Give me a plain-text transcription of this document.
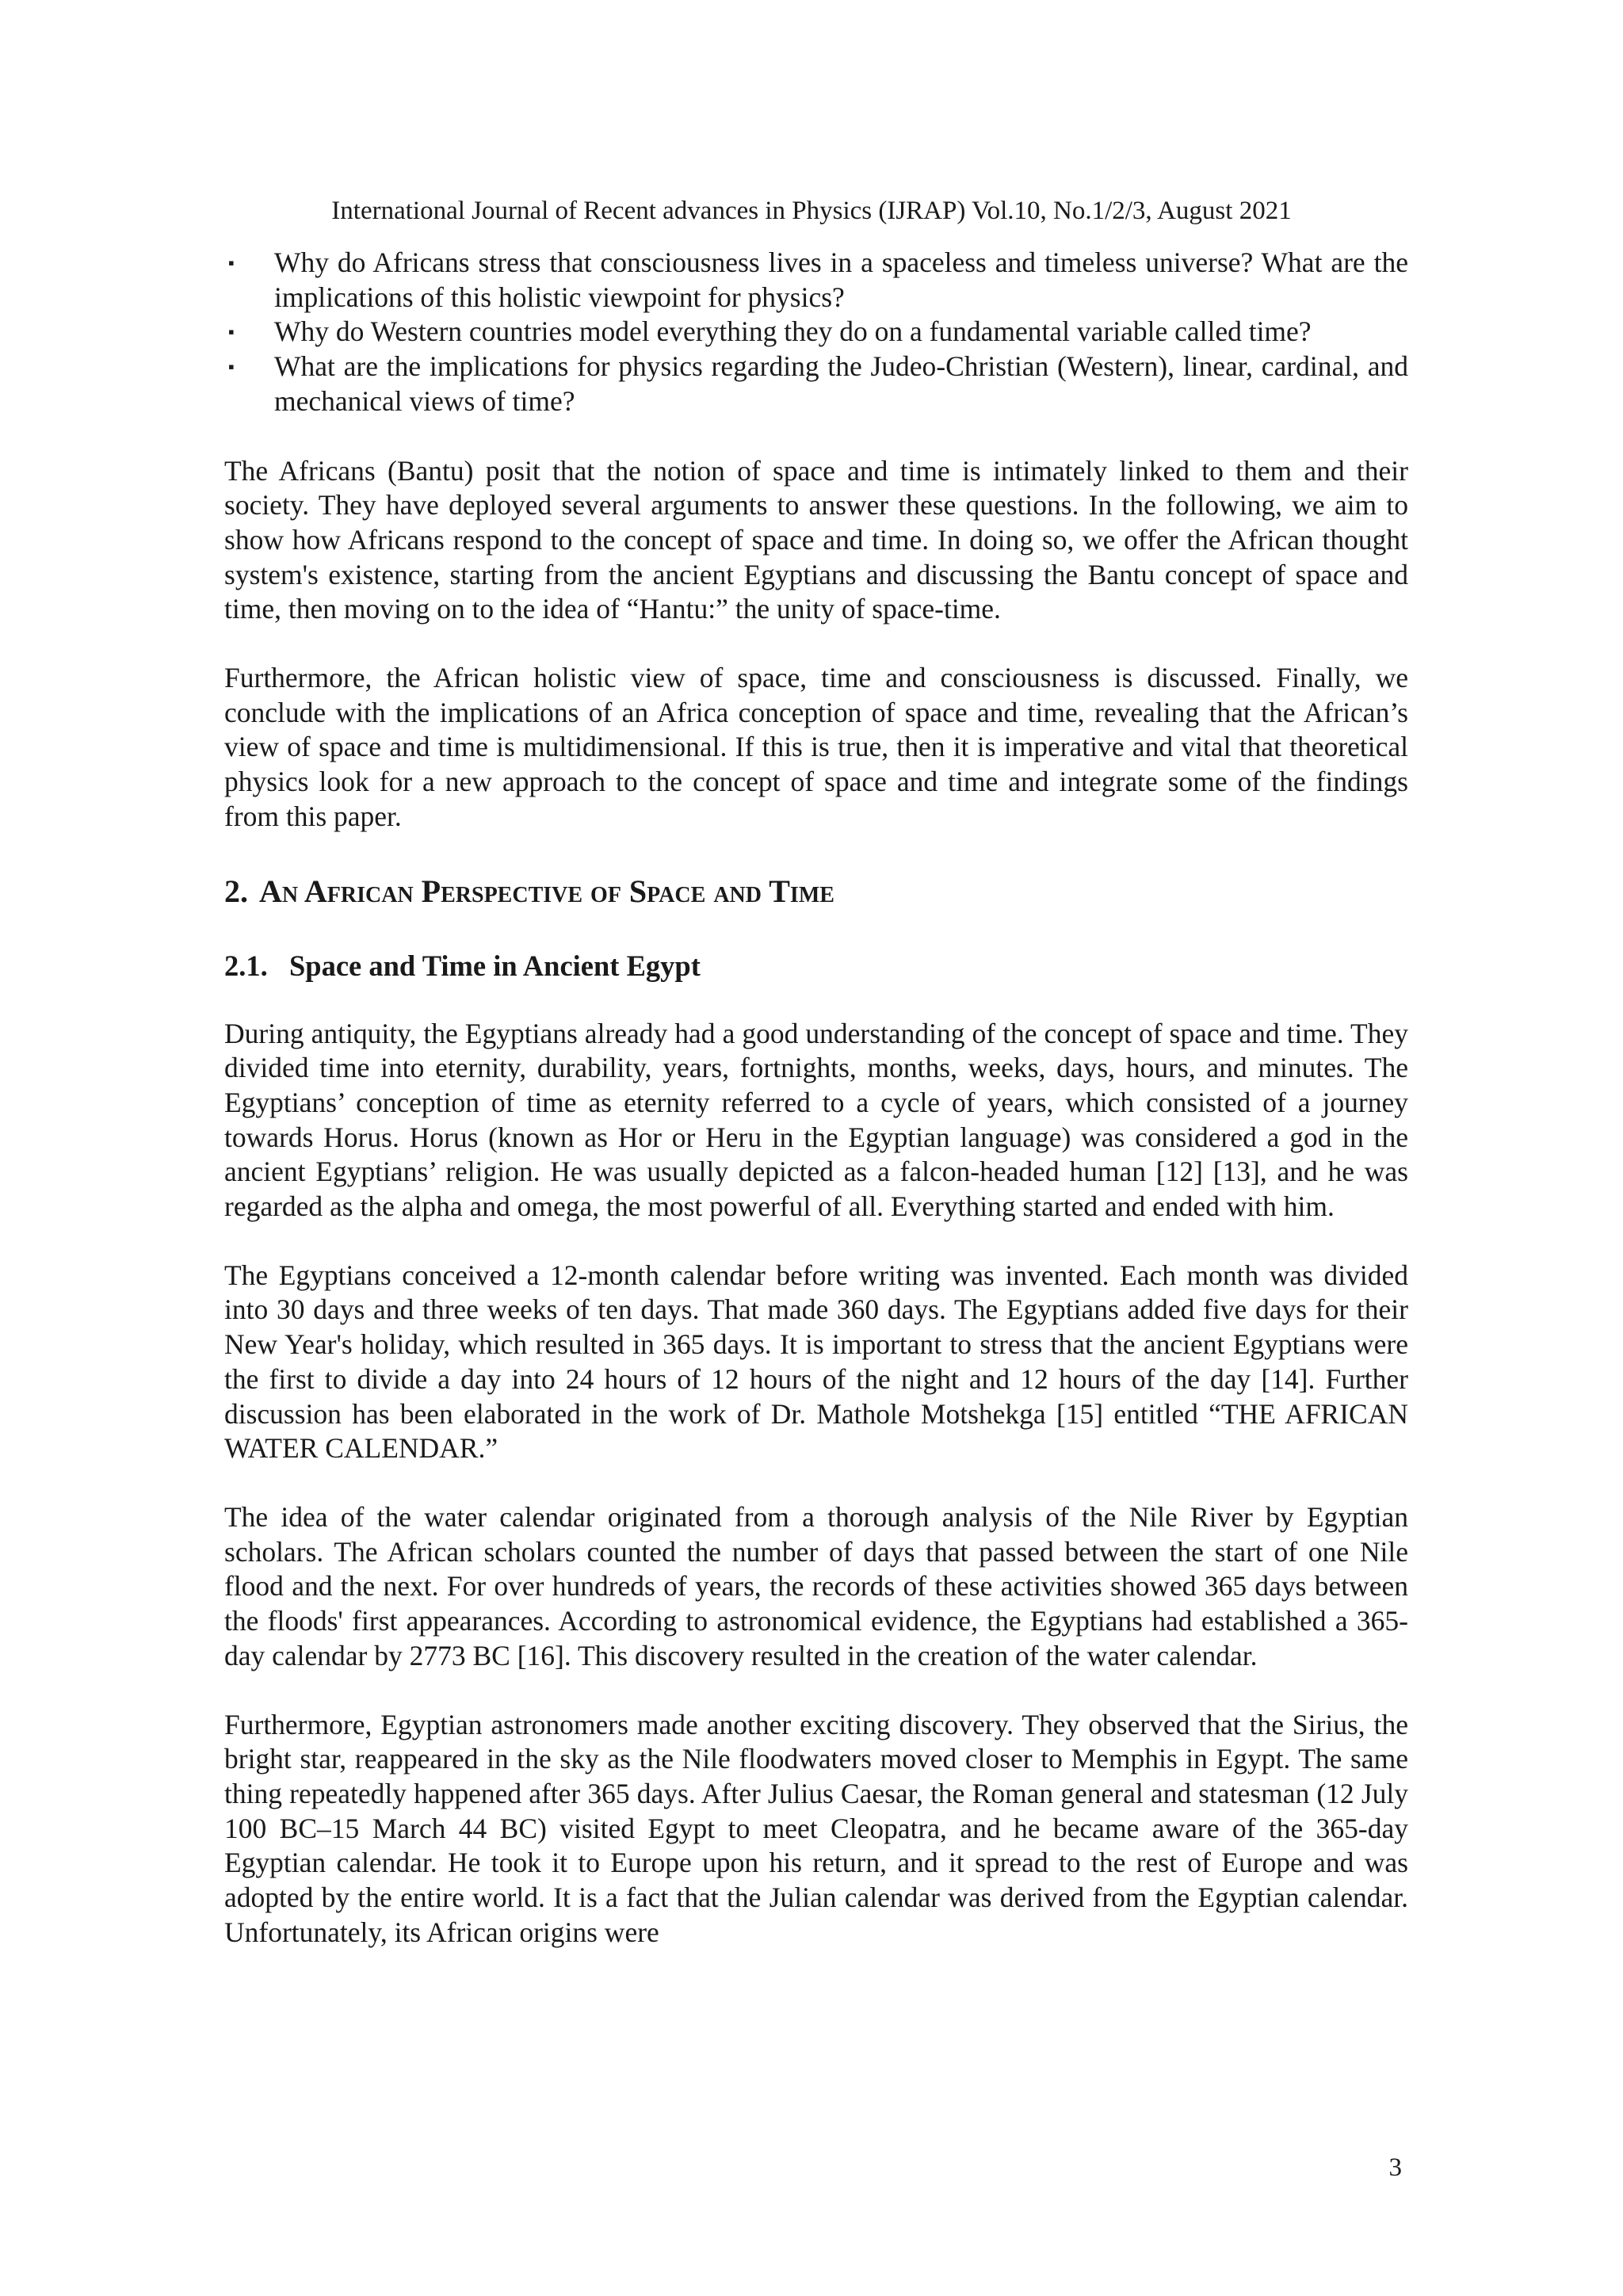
International Journal of Recent advances in Physics (IJRAP) Vol.10, No.1/2/3, August 2021
▪ Why do Africans stress that consciousness lives in a spaceless and timeless universe? What are the implications of this holistic viewpoint for physics?
▪ Why do Western countries model everything they do on a fundamental variable called time?
▪ What are the implications for physics regarding the Judeo-Christian (Western), linear, cardinal, and mechanical views of time?

The Africans (Bantu) posit that the notion of space and time is intimately linked to them and their society. They have deployed several arguments to answer these questions. In the following, we aim to show how Africans respond to the concept of space and time. In doing so, we offer the African thought system's existence, starting from the ancient Egyptians and discussing the Bantu concept of space and time, then moving on to the idea of “Hantu:” the unity of space-time.

Furthermore, the African holistic view of space, time and consciousness is discussed. Finally, we conclude with the implications of an Africa conception of space and time, revealing that the African’s view of space and time is multidimensional. If this is true, then it is imperative and vital that theoretical physics look for a new approach to the concept of space and time and integrate some of the findings from this paper.

2. An African Perspective of Space and Time
2.1. Space and Time in Ancient Egypt

During antiquity, the Egyptians already had a good understanding of the concept of space and time. They divided time into eternity, durability, years, fortnights, months, weeks, days, hours, and minutes. The Egyptians’ conception of time as eternity referred to a cycle of years, which consisted of a journey towards Horus. Horus (known as Hor or Heru in the Egyptian language) was considered a god in the ancient Egyptians’ religion. He was usually depicted as a falcon-headed human [12] [13], and he was regarded as the alpha and omega, the most powerful of all. Everything started and ended with him.

The Egyptians conceived a 12-month calendar before writing was invented. Each month was divided into 30 days and three weeks of ten days. That made 360 days. The Egyptians added five days for their New Year's holiday, which resulted in 365 days. It is important to stress that the ancient Egyptians were the first to divide a day into 24 hours of 12 hours of the night and 12 hours of the day [14]. Further discussion has been elaborated in the work of Dr. Mathole Motshekga [15] entitled “THE AFRICAN WATER CALENDAR.”

The idea of the water calendar originated from a thorough analysis of the Nile River by Egyptian scholars. The African scholars counted the number of days that passed between the start of one Nile flood and the next. For over hundreds of years, the records of these activities showed 365 days between the floods' first appearances. According to astronomical evidence, the Egyptians had established a 365-day calendar by 2773 BC [16]. This discovery resulted in the creation of the water calendar.

Furthermore, Egyptian astronomers made another exciting discovery. They observed that the Sirius, the bright star, reappeared in the sky as the Nile floodwaters moved closer to Memphis in Egypt. The same thing repeatedly happened after 365 days. After Julius Caesar, the Roman general and statesman (12 July 100 BC–15 March 44 BC) visited Egypt to meet Cleopatra, and he became aware of the 365-day Egyptian calendar. He took it to Europe upon his return, and it spread to the rest of Europe and was adopted by the entire world. It is a fact that the Julian calendar was derived from the Egyptian calendar. Unfortunately, its African origins were

3
